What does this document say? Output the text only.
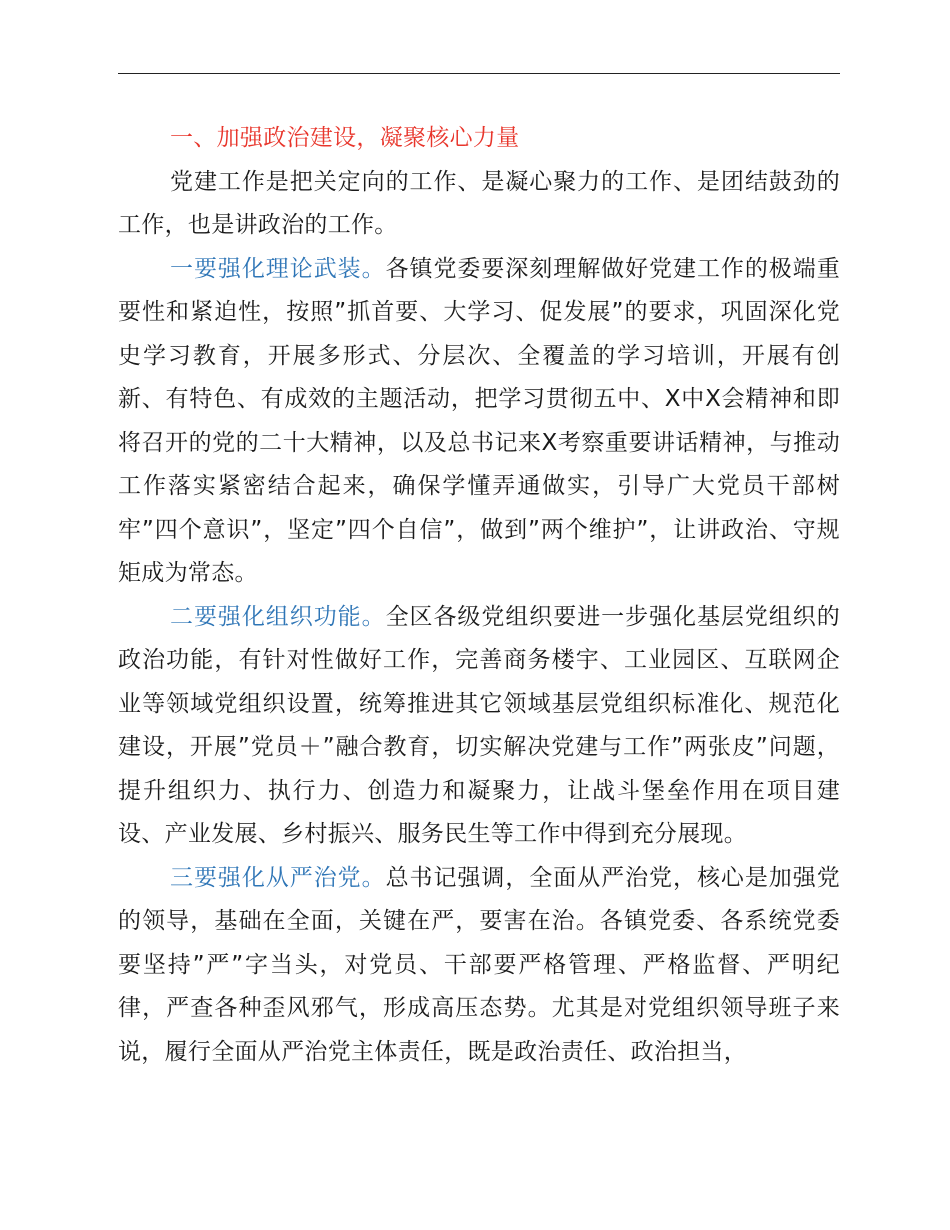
一、加强政治建设，凝聚核心力量

党建工作是把关定向的工作、是凝心聚力的工作、是团结鼓劲的工作，也是讲政治的工作。

一要强化理论武装。各镇党委要深刻理解做好党建工作的极端重要性和紧迫性，按照”抓首要、大学习、促发展”的要求，巩固深化党史学习教育，开展多形式、分层次、全覆盖的学习培训，开展有创新、有特色、有成效的主题活动，把学习贯彻五中、X中X会精神和即将召开的党的二十大精神，以及总书记来X考察重要讲话精神，与推动工作落实紧密结合起来，确保学懂弄通做实，引导广大党员干部树牢”四个意识”，坚定”四个自信”，做到”两个维护”，让讲政治、守规矩成为常态。

二要强化组织功能。全区各级党组织要进一步强化基层党组织的政治功能，有针对性做好工作，完善商务楼宇、工业园区、互联网企业等领域党组织设置，统筹推进其它领域基层党组织标准化、规范化建设，开展”党员＋”融合教育，切实解决党建与工作”两张皮”问题，提升组织力、执行力、创造力和凝聚力，让战斗堡垒作用在项目建设、产业发展、乡村振兴、服务民生等工作中得到充分展现。

三要强化从严治党。总书记强调，全面从严治党，核心是加强党的领导，基础在全面，关键在严，要害在治。各镇党委、各系统党委要坚持”严”字当头，对党员、干部要严格管理、严格监督、严明纪律，严查各种歪风邪气，形成高压态势。尤其是对党组织领导班子来说，履行全面从严治党主体责任，既是政治责任、政治担当，
